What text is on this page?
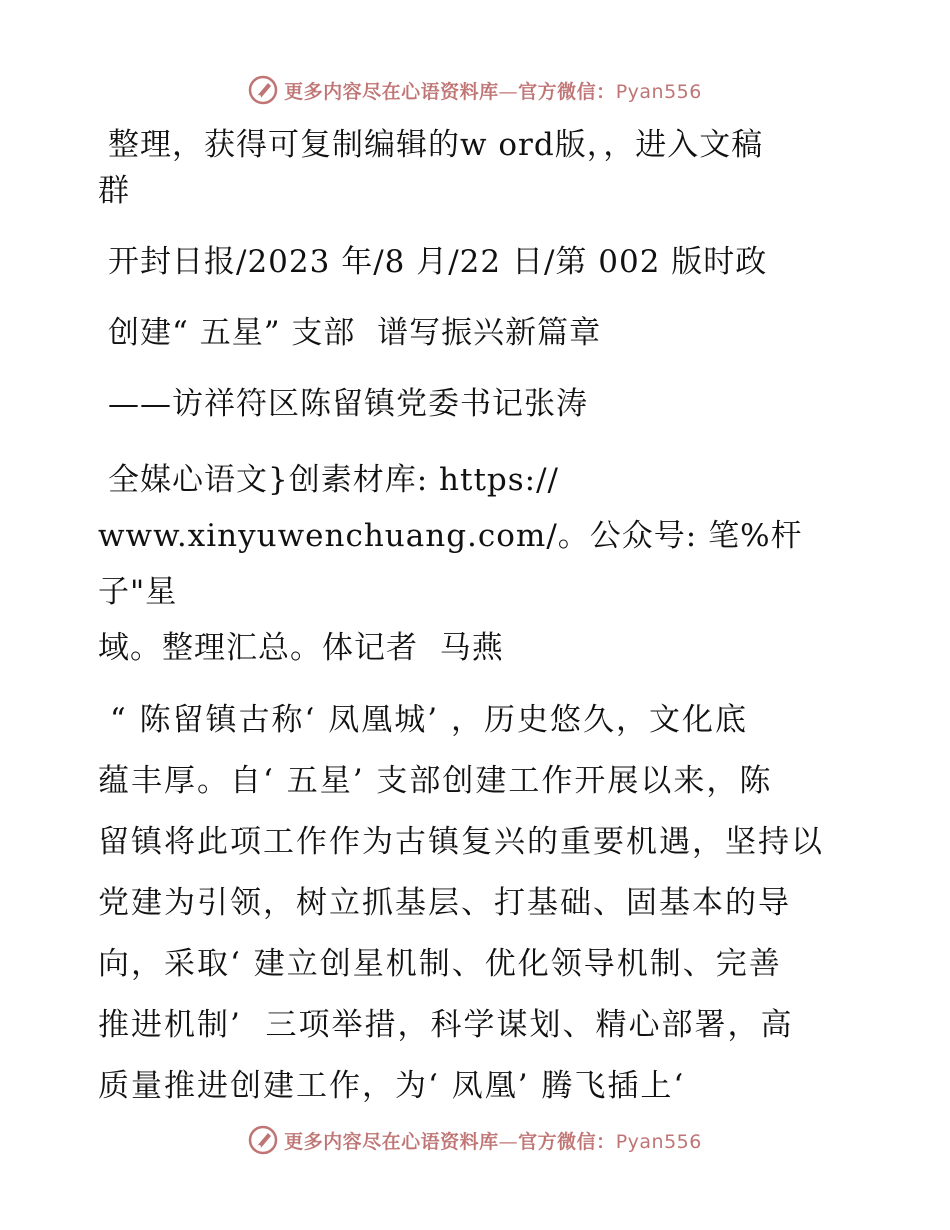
更多内容尽在心语资料库—官方微信：Pyan556
整理，获得可复制编辑的w ord版，，进入文稿
群
开封日报/2023 年/8 月/22 日/第 002 版时政
创建“ 五星” 支部  谱写振兴新篇章
——访祥符区陈留镇党委书记张涛
全媒心语文}创素材库: https://
www.xinyuwenchuang.com/。公众号: 笔%杆子"星
域。整理汇总。体记者  马燕
“ 陈留镇古称‘ 凤凰城’ ，历史悠久，文化底
蕴丰厚。自‘ 五星’ 支部创建工作开展以来，陈
留镇将此项工作作为古镇复兴的重要机遇，坚持以
党建为引领，树立抓基层、打基础、固基本的导
向，采取‘ 建立创星机制、优化领导机制、完善
推进机制’  三项举措，科学谋划、精心部署，高
质量推进创建工作，为‘ 凤凰’ 腾飞插上‘
更多内容尽在心语资料库—官方微信：Pyan556
